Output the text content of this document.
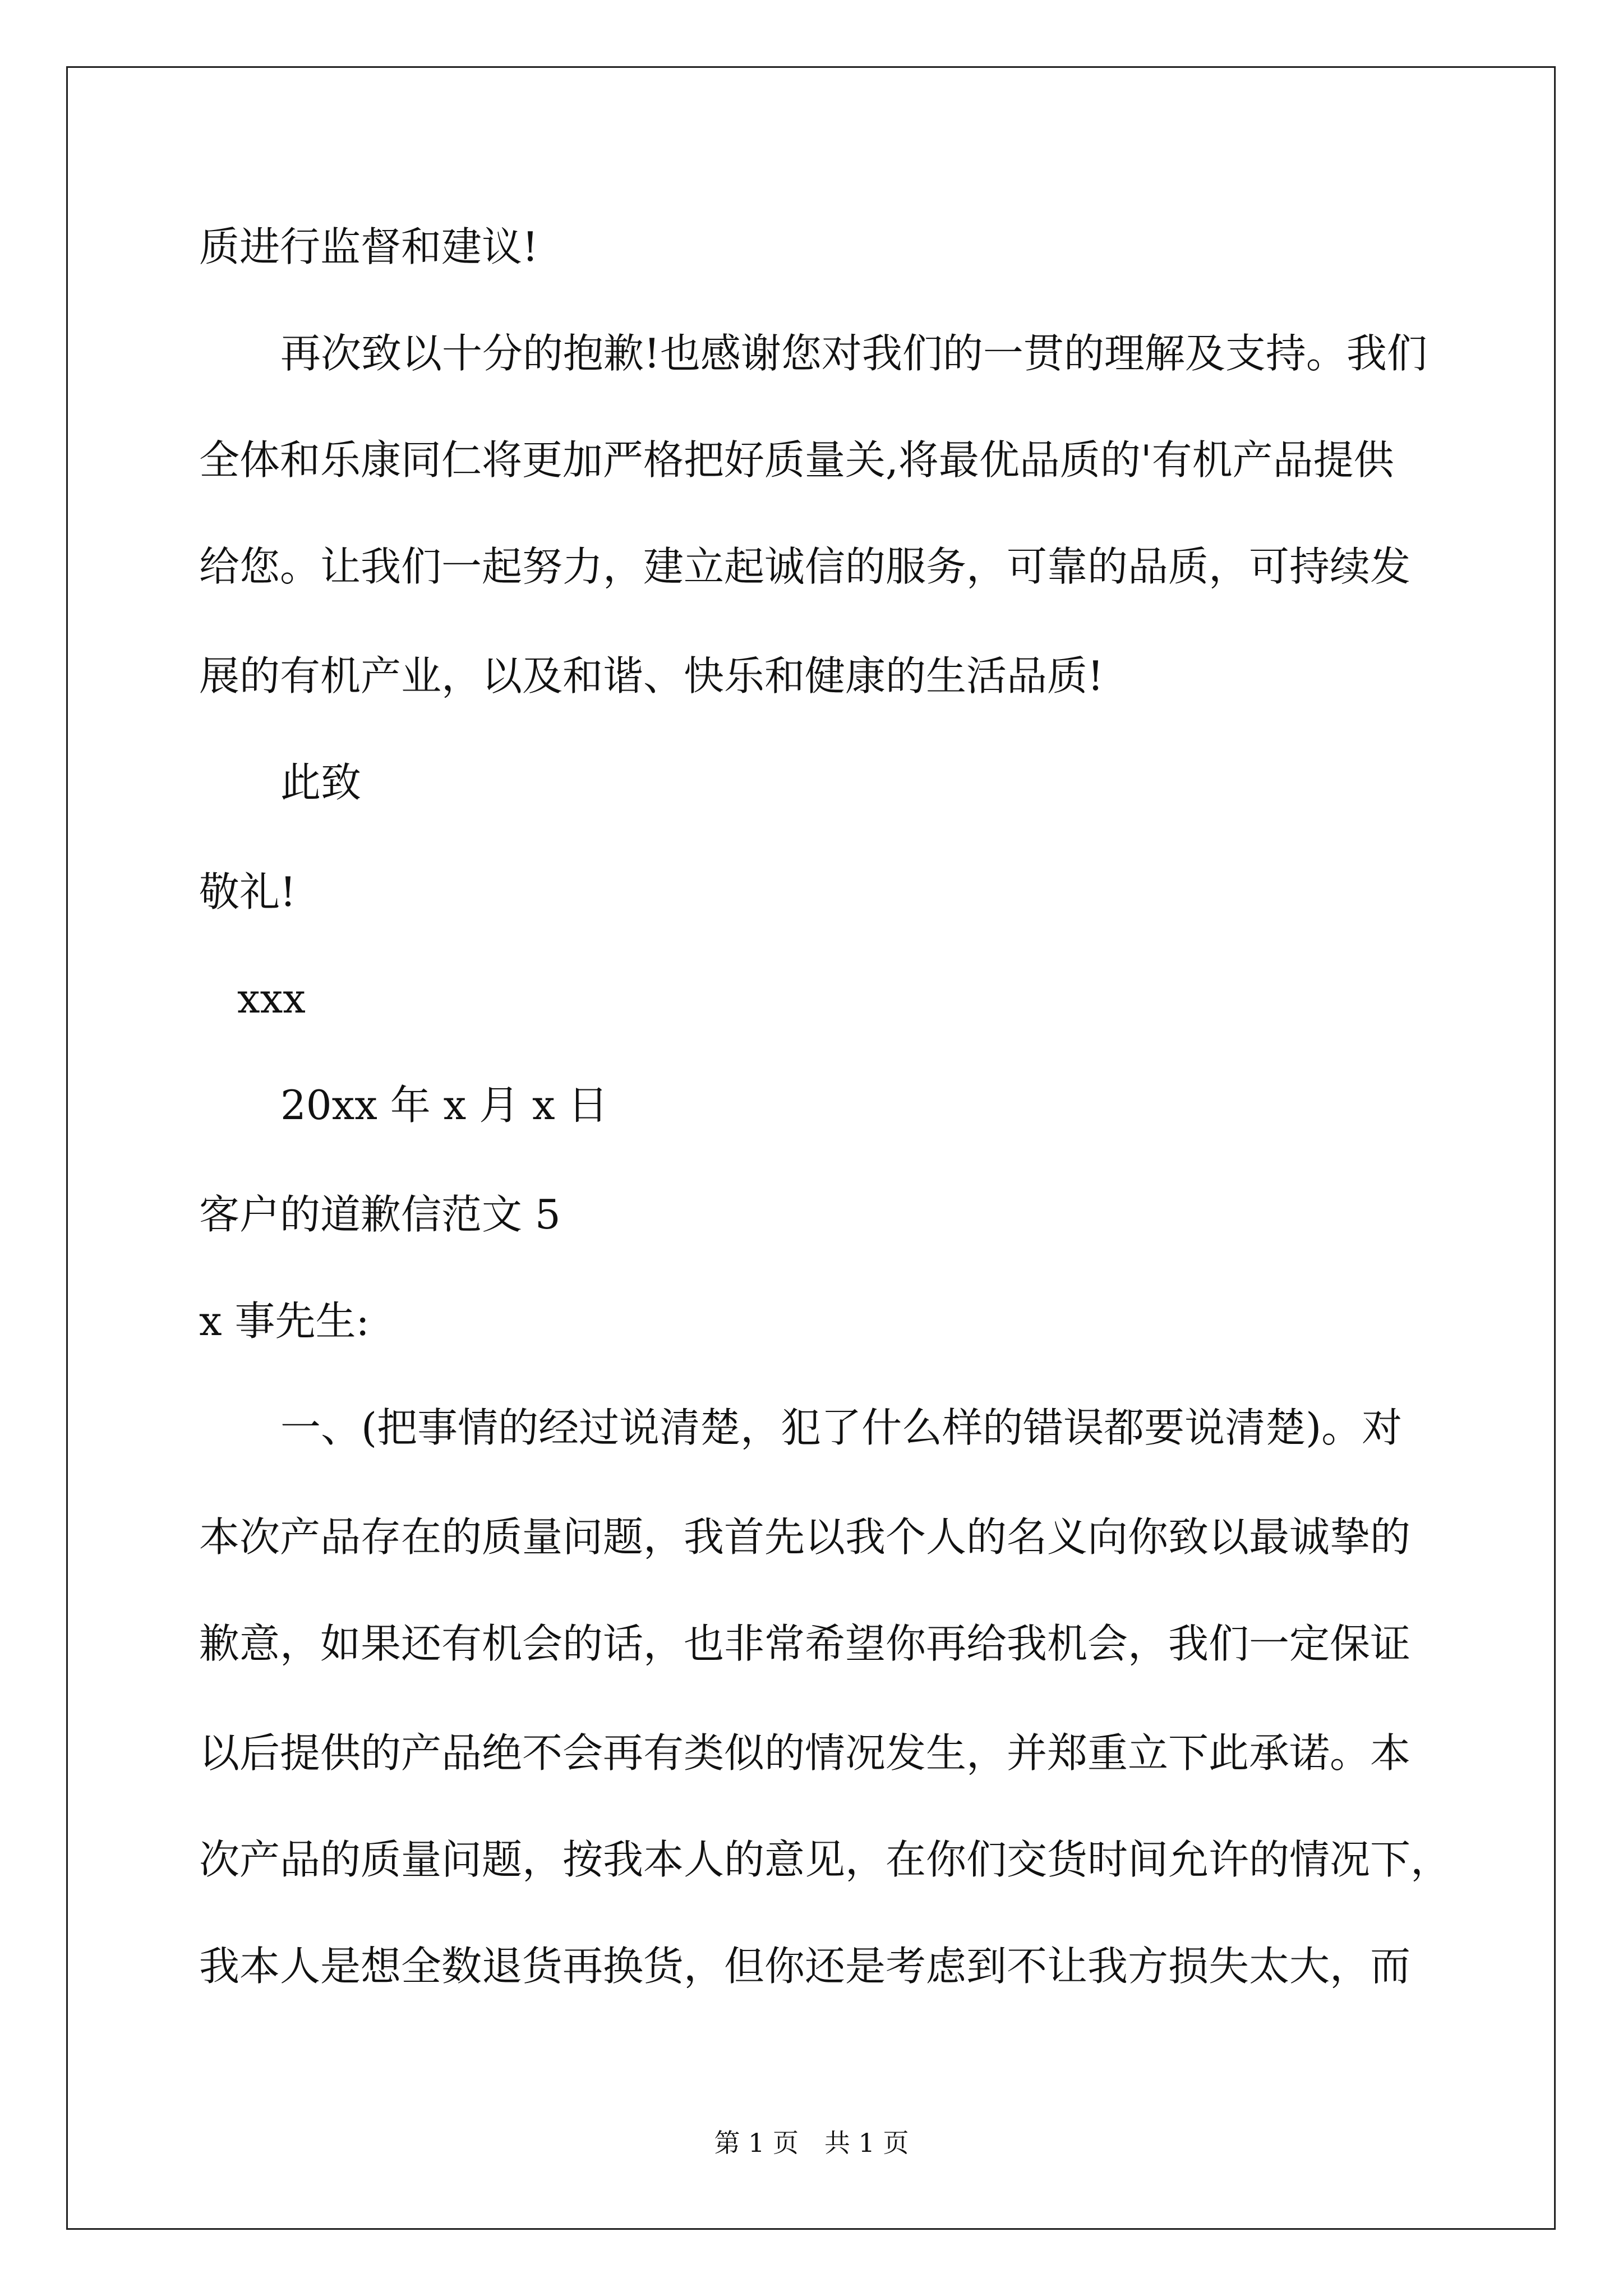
质进行监督和建议!
再次致以十分的抱歉!也感谢您对我们的一贯的理解及支持。我们
全体和乐康同仁将更加严格把好质量关,将最优品质的'有机产品提供
给您。让我们一起努力，建立起诚信的服务，可靠的品质，可持续发
展的有机产业，以及和谐、快乐和健康的生活品质!
此致
敬礼!
xxx
20xx 年 x 月 x 日
客户的道歉信范文 5
x 事先生:
一、(把事情的经过说清楚，犯了什么样的错误都要说清楚)。对
本次产品存在的质量问题，我首先以我个人的名义向你致以最诚挚的
歉意，如果还有机会的话，也非常希望你再给我机会，我们一定保证
以后提供的产品绝不会再有类似的情况发生，并郑重立下此承诺。本
次产品的质量问题，按我本人的意见，在你们交货时间允许的情况下，
我本人是想全数退货再换货，但你还是考虑到不让我方损失太大，而
第 1 页　共 1 页
